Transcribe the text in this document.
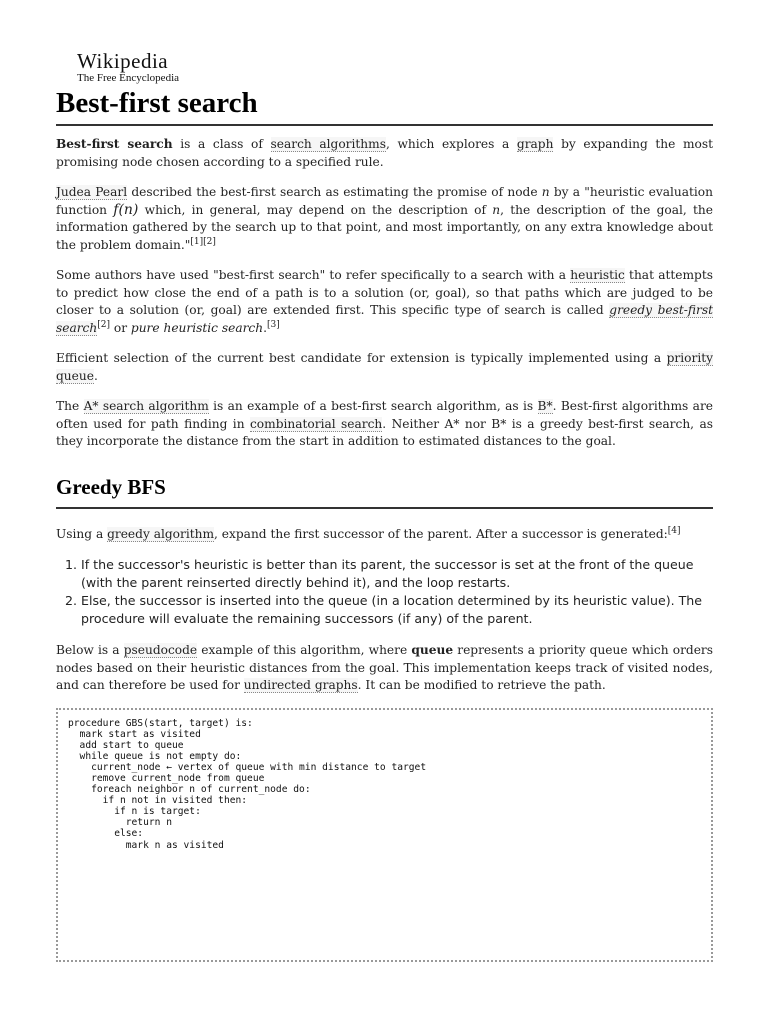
Wikipedia
The Free Encyclopedia
Best-first search

Best-first search is a class of search algorithms, which explores a graph by expanding the most promising node chosen according to a specified rule.

Judea Pearl described the best-first search as estimating the promise of node n by a "heuristic evaluation function f(n) which, in general, may depend on the description of n, the description of the goal, the information gathered by the search up to that point, and most importantly, on any extra knowledge about the problem domain."[1][2]

Some authors have used "best-first search" to refer specifically to a search with a heuristic that attempts to predict how close the end of a path is to a solution (or, goal), so that paths which are judged to be closer to a solution (or, goal) are extended first. This specific type of search is called greedy best-first search[2] or pure heuristic search.[3]

Efficient selection of the current best candidate for extension is typically implemented using a priority queue.

The A* search algorithm is an example of a best-first search algorithm, as is B*. Best-first algorithms are often used for path finding in combinatorial search. Neither A* nor B* is a greedy best-first search, as they incorporate the distance from the start in addition to estimated distances to the goal.

Greedy BFS

Using a greedy algorithm, expand the first successor of the parent. After a successor is generated:[4]

1. If the successor's heuristic is better than its parent, the successor is set at the front of the queue (with the parent reinserted directly behind it), and the loop restarts.
2. Else, the successor is inserted into the queue (in a location determined by its heuristic value). The procedure will evaluate the remaining successors (if any) of the parent.

Below is a pseudocode example of this algorithm, where queue represents a priority queue which orders nodes based on their heuristic distances from the goal. This implementation keeps track of visited nodes, and can therefore be used for undirected graphs. It can be modified to retrieve the path.

procedure GBS(start, target) is:
mark start as visited
add start to queue
while queue is not empty do:
current_node ← vertex of queue with min distance to target
remove current_node from queue
foreach neighbor n of current_node do:
if n not in visited then:
if n is target:
return n
else:
mark n as visited
